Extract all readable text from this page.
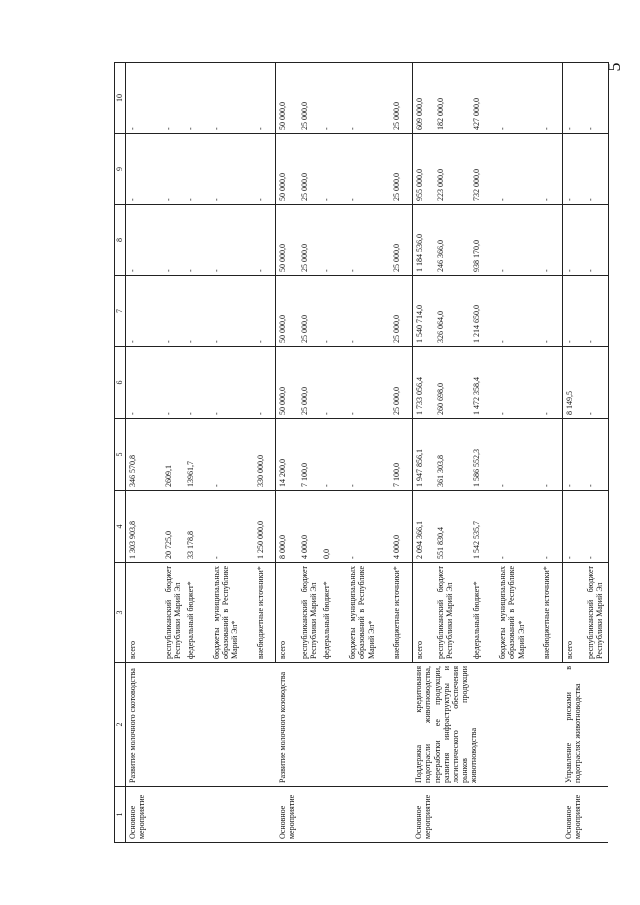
5
1	2	3	4	5	6	7	8	9	10
Основное мероприятие	Развитие молочного скотоводства	всего	1 303 903,8	346 570,8	-	-	-	-	-
		республиканский бюджет Республики Марий Эл	20 725,0	2609,1	-	-	-	-	-
		федеральный бюджет*	33 178,8	13961,7	-	-	-	-	-
		бюджеты муниципальных образований в Республике Марий Эл*	-	-	-	-	-	-	-
		внебюджетные источники*	1 250 000,0	330 000,0	-	-	-	-	-
Основное мероприятие	Развитие молочного козоводства	всего	8 000,0	14 200,0	50 000,0	50 000,0	50 000,0	50 000,0	50 000,0
		республиканский бюджет Республики Марий Эл	4 000,0	7 100,0	25 000,0	25 000,0	25 000,0	25 000,0	25 000,0
		федеральный бюджет*	0,0	-	-	-	-	-	-
		бюджеты муниципальных образований в Республике Марий Эл*	-	-	-	-	-	-	-
		внебюджетные источники*	4 000,0	7 100,0	25 000,0	25 000,0	25 000,0	25 000,0	25 000,0
Основное мероприятие	Поддержка кредитования подотрасли животноводства, переработки ее продукции, развития инфраструктуры и логистического обеспечения рынков продукции животноводства	всего	2 094 366,1	1 947 856,1	1 733 056,4	1 540 714,0	1 184 536,0	955 000,0	609 000,0
		республиканский бюджет Республики Марий Эл	551 830,4	361 303,8	260 698,0	326 064,0	246 366,0	223 000,0	182 000,0
		федеральный бюджет*	1 542 535,7	1 586 552,3	1 472 358,4	1 214 650,0	938 170,0	732 000,0	427 000,0
		бюджеты муниципальных образований в Республике Марий Эл*	-	-	-	-	-	-	-
		внебюджетные источники*	-	-	-	-	-	-	-
Основное мероприятие	Управление рисками в подотраслях животноводства	всего	-	-	8 149,5	-	-	-	-
		республиканский бюджет Республики Марий Эл	-	-	-	-	-	-	-
